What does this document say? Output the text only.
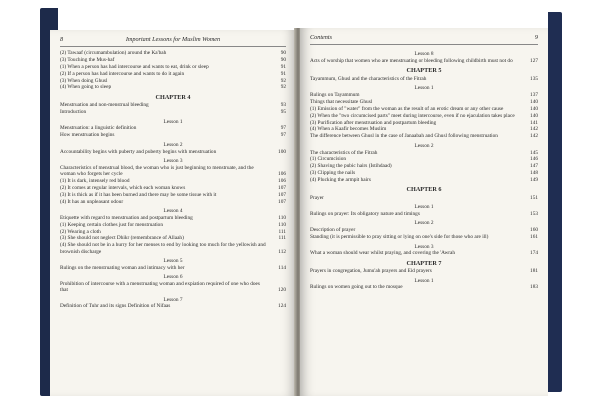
8	Important Lessons for Muslim Women
(2) Tawaaf (circumambulation) around the Ka'bah	90
(3) Touching the Mus-haf	90
(1) When a person has had intercourse and wants to eat, drink or sleep	91
(2) If a person has had intercourse and wants to do it again	91
(3) When doing Ghusl	92
(4) When going to sleep	92
CHAPTER 4
Menstruation and non-menstrual bleeding	93
Introduction	95
Lesson 1
Menstruation: a linguistic definition	97
How menstruation begins	97
Lesson 2
Accountability begins with puberty and puberty begins with menstruation	100
Lesson 3
Characteristics of menstrual blood, the woman who is just beginning to menstruate, and the woman who forgets her cycle	106
(1) It is dark, intensely red blood	106
(2) It comes at regular intervals, which each woman knows	107
(3) It is thick as if it has been burned and there may be some tissue with it	107
(4) It has an unpleasant odour	107
Lesson 4
Etiquette with regard to menstruation and postpartum bleeding	110
(1) Keeping certain clothes just for menstruation	110
(2) Wearing a cloth	111
(3) She should not neglect Dhikr (remembrance of Allaah)	111
(4) She should not be in a hurry for her menses to end by looking too much for the yellowish and brownish discharge	112
Lesson 5
Rulings on the menstruating woman and intimacy with her	114
Lesson 6
Prohibition of intercourse with a menstruating woman and expiation required of one who does that	120
Lesson 7
Definition of Tuhr and its signs Definition of Nifaas	124
Contents	9
Lesson 8
Acts of worship that women who are menstruating or bleeding following childbirth must not do	127
CHAPTER 5
Tayammum, Ghusl and the characteristics of the Fitrah	135
Lesson 1
Rulings on Tayammum	137
Things that necessitate Ghusl	140
(1) Emission of "water" from the woman as the result of an erotic dream or any other cause	140
(2) When the "two circumcised parts" meet during intercourse, even if no ejaculation takes place	140
(3) Purification after menstruation and postpartum bleeding	141
(4) When a Kaafir becomes Muslim	142
The difference between Ghusl in the case of Janaabah and Ghusl following menstruation	142
Lesson 2
The characteristics of the Fitrah	145
(1) Circumcision	146
(2) Shaving the pubic hairs (Istihdaad)	147
(3) Clipping the nails	148
(4) Plucking the armpit hairs	149
CHAPTER 6
Prayer	151
Lesson 1
Rulings on prayer: Its obligatory nature and timings	153
Lesson 2
Description of prayer	160
Standing (it is permissible to pray sitting or lying on one's side for those who are ill)	161
Lesson 3
What a woman should wear whilst praying, and covering the 'Awrah	174
CHAPTER 7
Prayers in congregation, Jumu'ah prayers and Eid prayers	181
Lesson 1
Rulings on women going out to the mosque	183
